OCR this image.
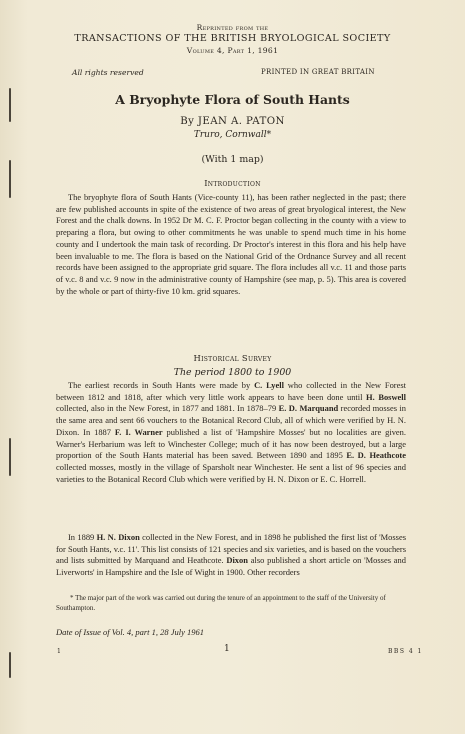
Reprinted from the
TRANSACTIONS OF THE BRITISH BRYOLOGICAL SOCIETY
Volume 4, Part 1, 1961
All rights reserved	PRINTED IN GREAT BRITAIN
A Bryophyte Flora of South Hants
By JEAN A. PATON
Truro, Cornwall*
(With 1 map)
Introduction
The bryophyte flora of South Hants (Vice-county 11), has been rather neglected in the past; there are few published accounts in spite of the existence of two areas of great bryological interest, the New Forest and the chalk downs. In 1952 Dr M. C. F. Proctor began collecting in the county with a view to preparing a flora, but owing to other commitments he was unable to spend much time in his home county and I undertook the main task of recording. Dr Proctor's interest in this flora and his help have been invaluable to me. The flora is based on the National Grid of the Ordnance Survey and all recent records have been assigned to the appropriate grid square. The flora includes all v.c. 11 and those parts of v.c. 8 and v.c. 9 now in the administrative county of Hampshire (see map, p. 5). This area is covered by the whole or part of thirty-five 10 km. grid squares.
Historical Survey
The period 1800 to 1900
The earliest records in South Hants were made by C. Lyell who collected in the New Forest between 1812 and 1818, after which very little work appears to have been done until H. Boswell collected, also in the New Forest, in 1877 and 1881. In 1878–79 E. D. Marquand recorded mosses in the same area and sent 66 vouchers to the Botanical Record Club, all of which were verified by H. N. Dixon. In 1887 F. I. Warner published a list of 'Hampshire Mosses' but no localities are given. Warner's Herbarium was left to Winchester College; much of it has now been destroyed, but a large proportion of the South Hants material has been saved. Between 1890 and 1895 E. D. Heathcote collected mosses, mostly in the village of Sparsholt near Winchester. He sent a list of 96 species and varieties to the Botanical Record Club which were verified by H. N. Dixon or E. C. Horrell.
In 1889 H. N. Dixon collected in the New Forest, and in 1898 he published the first list of 'Mosses for South Hants, v.c. 11'. This list consists of 121 species and six varieties, and is based on the vouchers and lists submitted by Marquand and Heathcote. Dixon also published a short article on 'Mosses and Liverworts' in Hampshire and the Isle of Wight in 1900. Other recorders
* The major part of the work was carried out during the tenure of an appointment to the staff of the University of Southampton.
Date of Issue of Vol. 4, part 1, 28 July 1961
1	1	BBS 4 1
